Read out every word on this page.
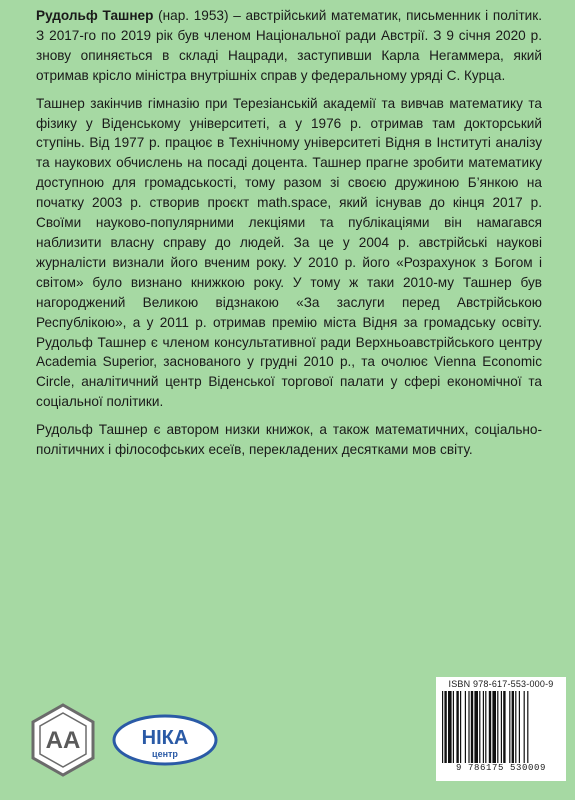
Рудольф Ташнер (нар. 1953) – австрійський математик, письменник і політик. З 2017-го по 2019 рік був членом Національної ради Австрії. З 9 січня 2020 р. знову опиняється в складі Нацради, заступивши Карла Негаммера, який отримав крісло міністра внутрішніх справ у федеральному уряді С. Курца.

Ташнер закінчив гімназію при Терезіанській академії та вивчав математику та фізику у Віденському університеті, а у 1976 р. отримав там докторський ступінь. Від 1977 р. працює в Технічному університеті Відня в Інституті аналізу та наукових обчислень на посаді доцента. Ташнер прагне зробити математику доступною для громадськості, тому разом зі своєю дружиною Б’янкою на початку 2003 р. створив проєкт math.space, який існував до кінця 2017 р. Своїми науково-популярними лекціями та публікаціями він намагався наблизити власну справу до людей. За це у 2004 р. австрійські наукові журналісти визнали його вченим року. У 2010 р. його «Розрахунок з Богом і світом» було визнано книжкою року. У тому ж таки 2010-му Ташнер був нагороджений Великою відзнакою «За заслуги перед Австрійською Республікою», а у 2011 р. отримав премію міста Відня за громадську освіту. Рудольф Ташнер є членом консультативної ради Верхньоавстрійського центру Academia Superior, заснованого у грудні 2010 р., та очолює Vienna Economic Circle, аналітичний центр Віденської торгової палати у сфері економічної та соціальної політики.

Рудольф Ташнер є автором низки книжок, а також математичних, соціально-політичних і філософських есеїв, перекладених десятками мов світу.

AA	НІКА
центр
ISBN 978-617-553-000-9
9 786175 530009
